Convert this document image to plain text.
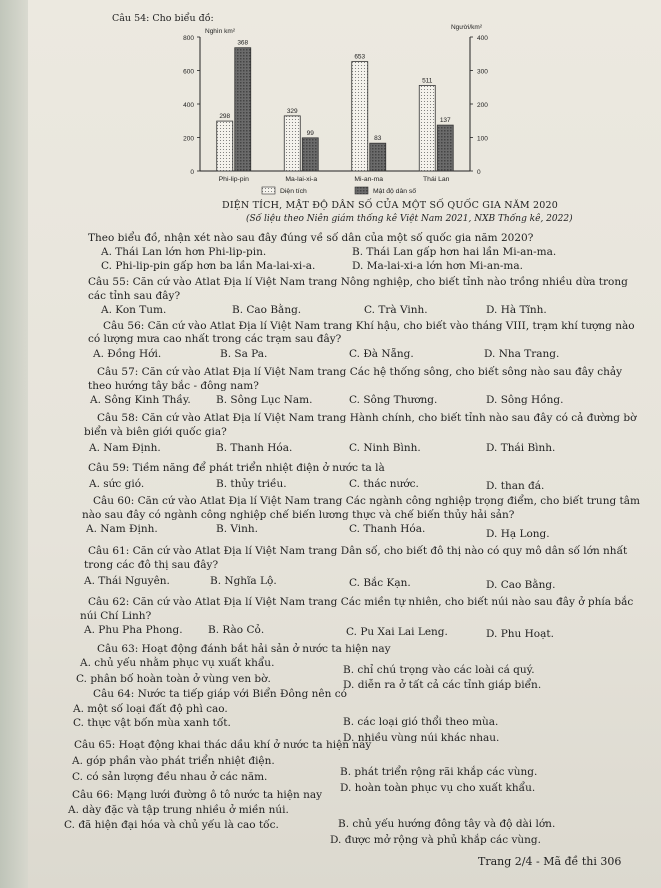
Câu 54: Cho biểu đồ:
0
200
400
600
800
0
100
200
300
400
Nghìn km²
Người/km²
298
368
Phi-lip-pin
329
99
Ma-lai-xi-a
653
83
Mi-an-ma
511
137
Thái Lan
Diện tích	Mật độ dân số
DIỆN TÍCH, MẬT ĐỘ DÂN SỐ CỦA MỘT SỐ QUỐC GIA NĂM 2020
(Số liệu theo Niên giám thống kê Việt Nam 2021, NXB Thống kê, 2022)
Theo biểu đồ, nhận xét nào sau đây đúng về số dân của một số quốc gia năm 2020?
A. Thái Lan lớn hơn Phi-lip-pin.	B. Thái Lan gấp hơn hai lần Mi-an-ma.
C. Phi-lip-pin gấp hơn ba lần Ma-lai-xi-a.	D. Ma-lai-xi-a lớn hơn Mi-an-ma.
Câu 55: Căn cứ vào Atlat Địa lí Việt Nam trang Nông nghiệp, cho biết tỉnh nào trồng nhiều dừa trong
các tỉnh sau đây?
A. Kon Tum.	B. Cao Bằng.	C. Trà Vinh.	D. Hà Tĩnh.
Câu 56: Căn cứ vào Atlat Địa lí Việt Nam trang Khí hậu, cho biết vào tháng VIII, trạm khí tượng nào
có lượng mưa cao nhất trong các trạm sau đây?
A. Đồng Hới.	B. Sa Pa.	C. Đà Nẵng.	D. Nha Trang.
Câu 57: Căn cứ vào Atlat Địa lí Việt Nam trang Các hệ thống sông, cho biết sông nào sau đây chảy
theo hướng tây bắc - đông nam?
A. Sông Kinh Thầy. B. Sông Lục Nam.	C. Sông Thương.	D. Sông Hồng.
Câu 58: Căn cứ vào Atlat Địa lí Việt Nam trang Hành chính, cho biết tỉnh nào sau đây có cả đường bờ
biển và biên giới quốc gia?
A. Nam Định.	B. Thanh Hóa.	C. Ninh Bình.	D. Thái Bình.
Câu 59: Tiềm năng để phát triển nhiệt điện ở nước ta là
A. sức gió.	B. thủy triều.	C. thác nước.	D. than đá.
Câu 60: Căn cứ vào Atlat Địa lí Việt Nam trang Các ngành công nghiệp trọng điểm, cho biết trung tâm
nào sau đây có ngành công nghiệp chế biến lương thực và chế biến thủy hải sản?
A. Nam Định.	B. Vinh.	C. Thanh Hóa.	D. Hạ Long.
Câu 61: Căn cứ vào Atlat Địa lí Việt Nam trang Dân số, cho biết đô thị nào có quy mô dân số lớn nhất
trong các đô thị sau đây?
A. Thái Nguyên.	B. Nghĩa Lộ.	C. Bắc Kạn.	D. Cao Bằng.
Câu 62: Căn cứ vào Atlat Địa lí Việt Nam trang Các miền tự nhiên, cho biết núi nào sau đây ở phía bắc
núi Chí Linh?
A. Phu Pha Phong. B. Rào Cỏ.	C. Pu Xai Lai Leng.	D. Phu Hoạt.
Câu 63: Hoạt động đánh bắt hải sản ở nước ta hiện nay
A. chủ yếu nhằm phục vụ xuất khẩu.
B. chỉ chú trọng vào các loài cá quý.
C. phân bố hoàn toàn ở vùng ven bờ.	D. diễn ra ở tất cả các tỉnh giáp biển.
Câu 64: Nước ta tiếp giáp với Biển Đông nên có
A. một số loại đất độ phì cao.
B. các loại gió thổi theo mùa.
C. thực vật bốn mùa xanh tốt.
D. nhiều vùng núi khác nhau.
Câu 65: Hoạt động khai thác dầu khí ở nước ta hiện nay
A. góp phần vào phát triển nhiệt điện.
B. phát triển rộng rãi khắp các vùng.
C. có sản lượng đều nhau ở các năm.
D. hoàn toàn phục vụ cho xuất khẩu.
Câu 66: Mạng lưới đường ô tô nước ta hiện nay
A. dày đặc và tập trung nhiều ở miền núi.
B. chủ yếu hướng đông tây và độ dài lớn.
C. đã hiện đại hóa và chủ yếu là cao tốc.
D. được mở rộng và phủ khắp các vùng.
Trang 2/4 - Mã đề thi 306
